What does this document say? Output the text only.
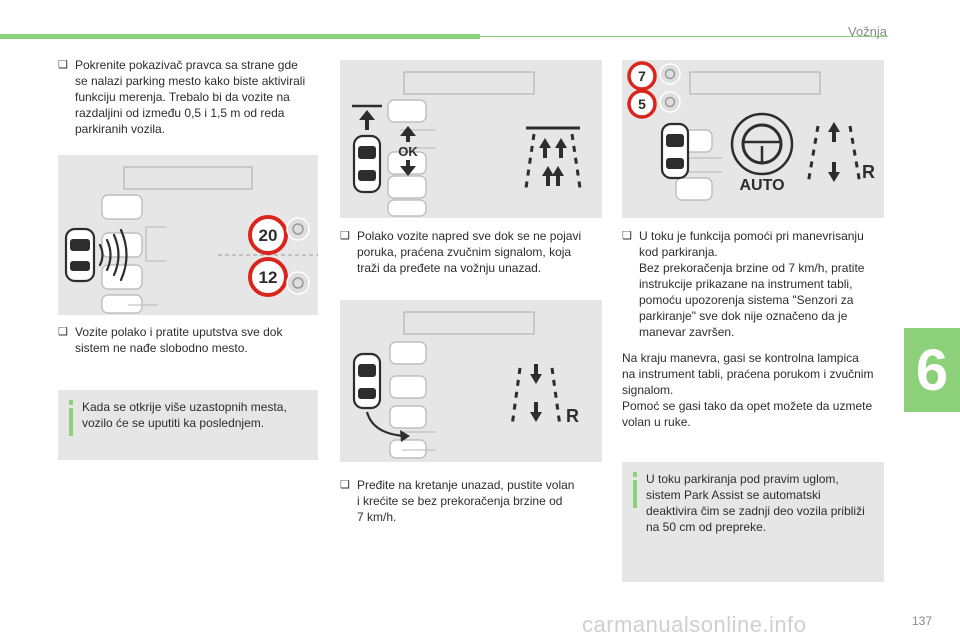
Vožnja
6
❑ Pokrenite pokazivač pravca sa strane gde
se nalazi parking mesto kako biste aktivirali
funkciju merenja. Trebalo bi da vozite na
razdaljini od između 0,5 i 1,5 m od reda
parkiranih vozila.
20
12
❑ Vozite polako i pratite uputstva sve dok
sistem ne nađe slobodno mesto.
Kada se otkrije više uzastopnih mesta,
vozilo će se uputiti ka poslednjem.
OK
❑ Polako vozite napred sve dok se ne pojavi
poruka, praćena zvučnim signalom, koja
traži da pređete na vožnju unazad.
R
❑ Pređite na kretanje unazad, pustite volan
i krećite se bez prekoračenja brzine od
7 km/h.
7
5
AUTO
R
❑ U toku je funkcija pomoći pri manevrisanju
kod parkiranja.
Bez prekoračenja brzine od 7 km/h, pratite
instrukcije prikazane na instrument tabli,
pomoću upozorenja sistema "Senzori za
parkiranje" sve dok nije označeno da je
manevar završen.
Na kraju manevra, gasi se kontrolna lampica
na instrument tabli, praćena porukom i zvučnim
signalom.
Pomoć se gasi tako da opet možete da uzmete
volan u ruke.
U toku parkiranja pod pravim uglom,
sistem Park Assist se automatski
deaktivira čim se zadnji deo vozila približi
na 50 cm od prepreke.
carmanualsonline.info	137
